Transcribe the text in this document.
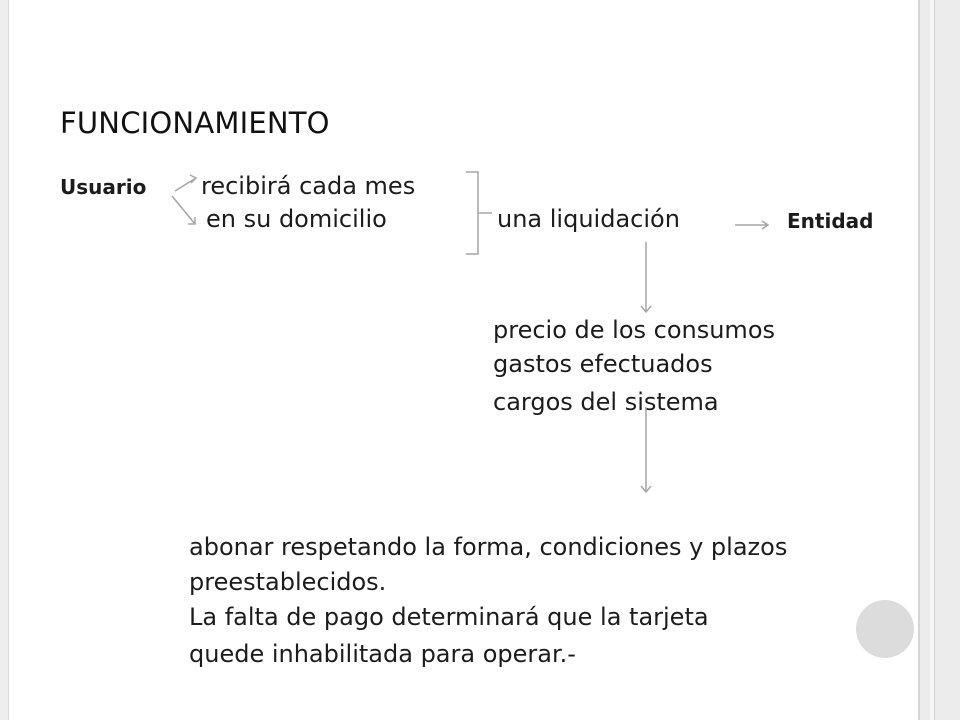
FUNCIONAMIENTO
Usuario recibirá cada mes
en su domicilio	una liquidación	Entidad
precio de los consumos
gastos efectuados
cargos del sistema
abonar respetando la forma, condiciones y plazos
preestablecidos.
La falta de pago determinará que la tarjeta
quede inhabilitada para operar.-
